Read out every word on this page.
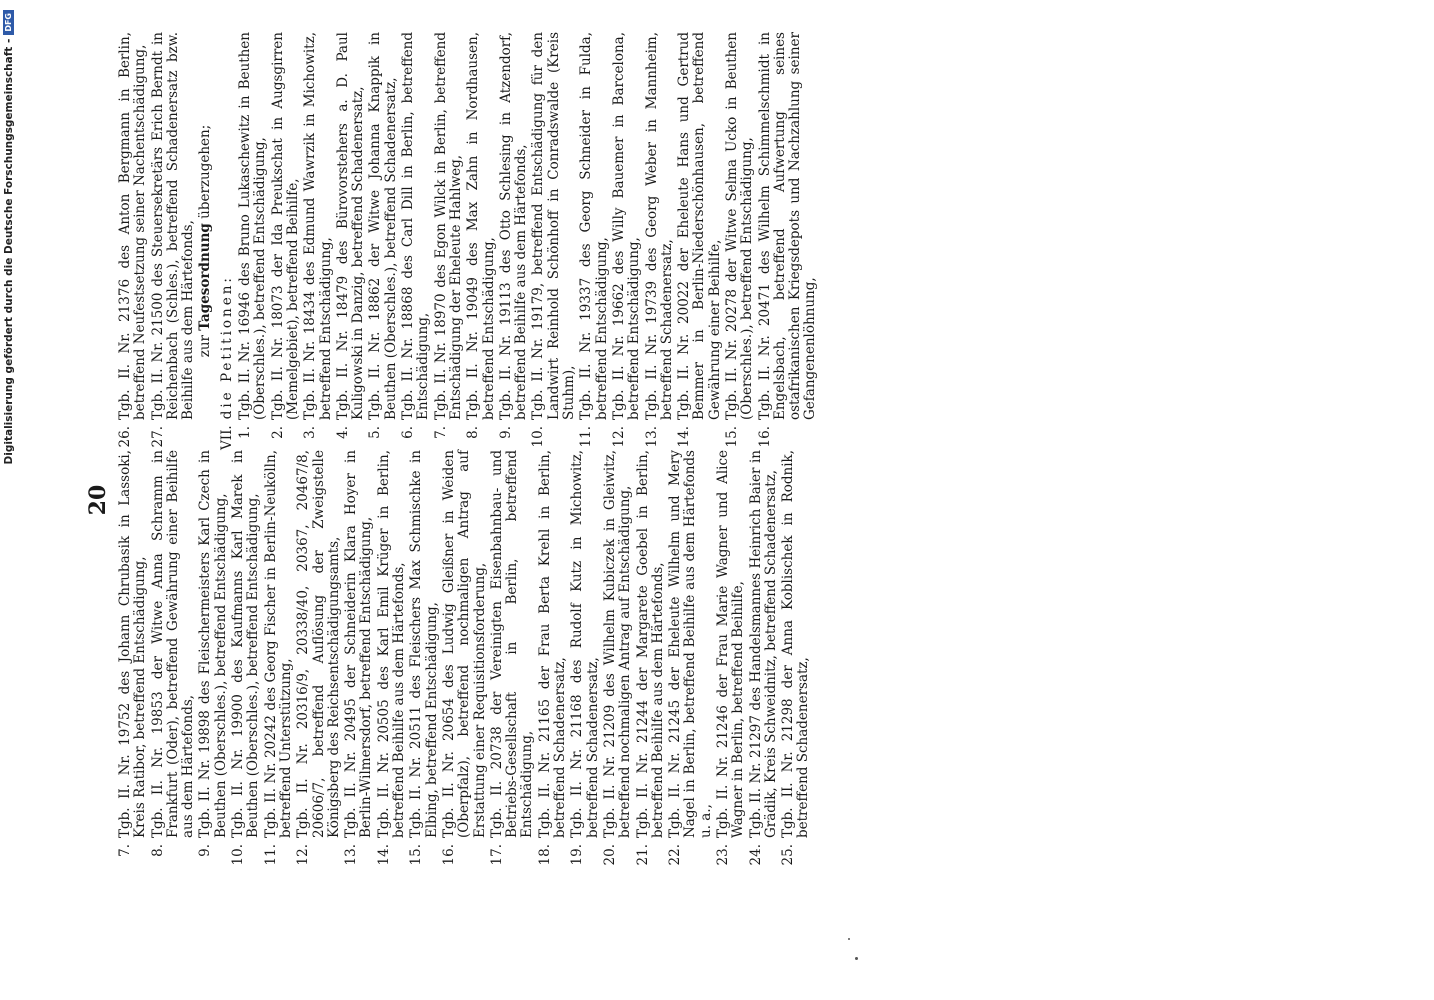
Digitalisierung gefördert durch die Deutsche Forschungsgemeinschaft -DFG
20
7.
Tgb. II. Nr. 19752 des Johann Chrubasik in Lassoki, Kreis Ratibor, betreffend Entschädigung,
8.
Tgb. II. Nr. 19853 der Witwe Anna Schramm in Frankfurt (Oder), betreffend Gewährung einer Beihilfe aus dem Härtefonds,
9.
Tgb. II. Nr. 19898 des Fleischermeisters Karl Czech in Beuthen (Oberschles.), betreffend Entschädigung,
10.
Tgb. II. Nr. 19900 des Kaufmanns Karl Marek in Beuthen (Oberschles.), betreffend Entschädigung,
11.
Tgb. II. Nr. 20242 des Georg Fischer in Berlin-Neukölln, betreffend Unterstützung,
12.
Tgb. II. Nr. 20316/9, 20338/40, 20367, 20467/8, 20606/7, betreffend Auflösung der Zweigstelle Königsberg des Reichsentschädigungsamts,
13.
Tgb. II. Nr. 20495 der Schneiderin Klara Hoyer in Berlin-Wilmersdorf, betreffend Entschädigung,
14.
Tgb. II. Nr. 20505 des Karl Emil Krüger in Berlin, betreffend Beihilfe aus dem Härtefonds,
15.
Tgb. II. Nr. 20511 des Fleischers Max Schmischke in Elbing, betreffend Entschädigung,
16.
Tgb. II. Nr. 20654 des Ludwig Gleißner in Weiden (Oberpfalz), betreffend nochmaligen Antrag auf Erstattung einer Requisitionsforderung,
17.
Tgb. II. 20738 der Vereinigten Eisenbahnbau- und Betriebs-Gesellschaft in Berlin, betreffend Entschädigung,
18.
Tgb. II. Nr. 21165 der Frau Berta Krehl in Berlin, betreffend Schadenersatz,
19.
Tgb. II. Nr. 21168 des Rudolf Kutz in Michowitz, betreffend Schadenersatz,
20.
Tgb. II. Nr. 21209 des Wilhelm Kubiczek in Gleiwitz, betreffend nochmaligen Antrag auf Entschädigung,
21.
Tgb. II. Nr. 21244 der Margarete Goebel in Berlin, betreffend Beihilfe aus dem Härtefonds,
22.
Tgb. II. Nr. 21245 der Eheleute Wilhelm und Mery Nagel in Berlin, betreffend Beihilfe aus dem Härtefonds u. a.,
23.
Tgb. II. Nr. 21246 der Frau Marie Wagner und Alice Wagner in Berlin, betreffend Beihilfe,
24.
Tgb. II. Nr. 21297 des Handelsmannes Heinrich Baier in Grädik, Kreis Schweidnitz, betreffend Schadenersatz,
25.
Tgb. II. Nr. 21298 der Anna Koblischek in Rodnik, betreffend Schadenersatz,
26.
Tgb. II. Nr. 21376 des Anton Bergmann in Berlin, betreffend Neufestsetzung seiner Nachentschädigung,
27.
Tgb. II. Nr. 21500 des Steuersekretärs Erich Berndt in Reichenbach (Schles.), betreffend Schadenersatz bzw. Beihilfe aus dem Härtefonds, zur Tagesordnung überzugehen;
VII.
die Petitionen:
1.
Tgb. II. Nr. 16946 des Bruno Lukaschewitz in Beuthen (Oberschles.), betreffend Entschädigung,
2.
Tgb. II. Nr. 18073 der Ida Preukschat in Augsgirren (Memelgebiet), betreffend Beihilfe,
3.
Tgb. II. Nr. 18434 des Edmund Wawrzik in Michowitz, betreffend Entschädigung,
4.
Tgb. II. Nr. 18479 des Bürovorstehers a. D. Paul Kuligowski in Danzig, betreffend Schadenersatz,
5.
Tgb. II. Nr. 18862 der Witwe Johanna Knappik in Beuthen (Oberschles.), betreffend Schadenersatz,
6.
Tgb. II. Nr. 18868 des Carl Dill in Berlin, betreffend Entschädigung,
7.
Tgb. II. Nr. 18970 des Egon Wilck in Berlin, betreffend Entschädigung der Eheleute Hahlweg,
8.
Tgb. II. Nr. 19049 des Max Zahn in Nordhausen, betreffend Entschädigung,
9.
Tgb. II. Nr. 19113 des Otto Schlesing in Atzendorf, betreffend Beihilfe aus dem Härtefonds,
10.
Tgb. II. Nr. 19179, betreffend Entschädigung für den Landwirt Reinhold Schönhoff in Conradswalde (Kreis Stuhm),
11.
Tgb. II. Nr. 19337 des Georg Schneider in Fulda, betreffend Entschädigung,
12.
Tgb. II. Nr. 19662 des Willy Bauemer in Barcelona, betreffend Entschädigung,
13.
Tgb. II. Nr. 19739 des Georg Weber in Mannheim, betreffend Schadenersatz,
14.
Tgb. II. Nr. 20022 der Eheleute Hans und Gertrud Bemmer in Berlin-Niederschönhausen, betreffend Gewährung einer Beihilfe,
15.
Tgb. II. Nr. 20278 der Witwe Selma Ucko in Beuthen (Oberschles.), betreffend Entschädigung,
16.
Tgb. II. Nr. 20471 des Wilhelm Schimmelschmidt in Engelsbach, betreffend Aufwertung seines ostafrikanischen Kriegsdepots und Nachzahlung seiner Gefangenenlöhnung,
